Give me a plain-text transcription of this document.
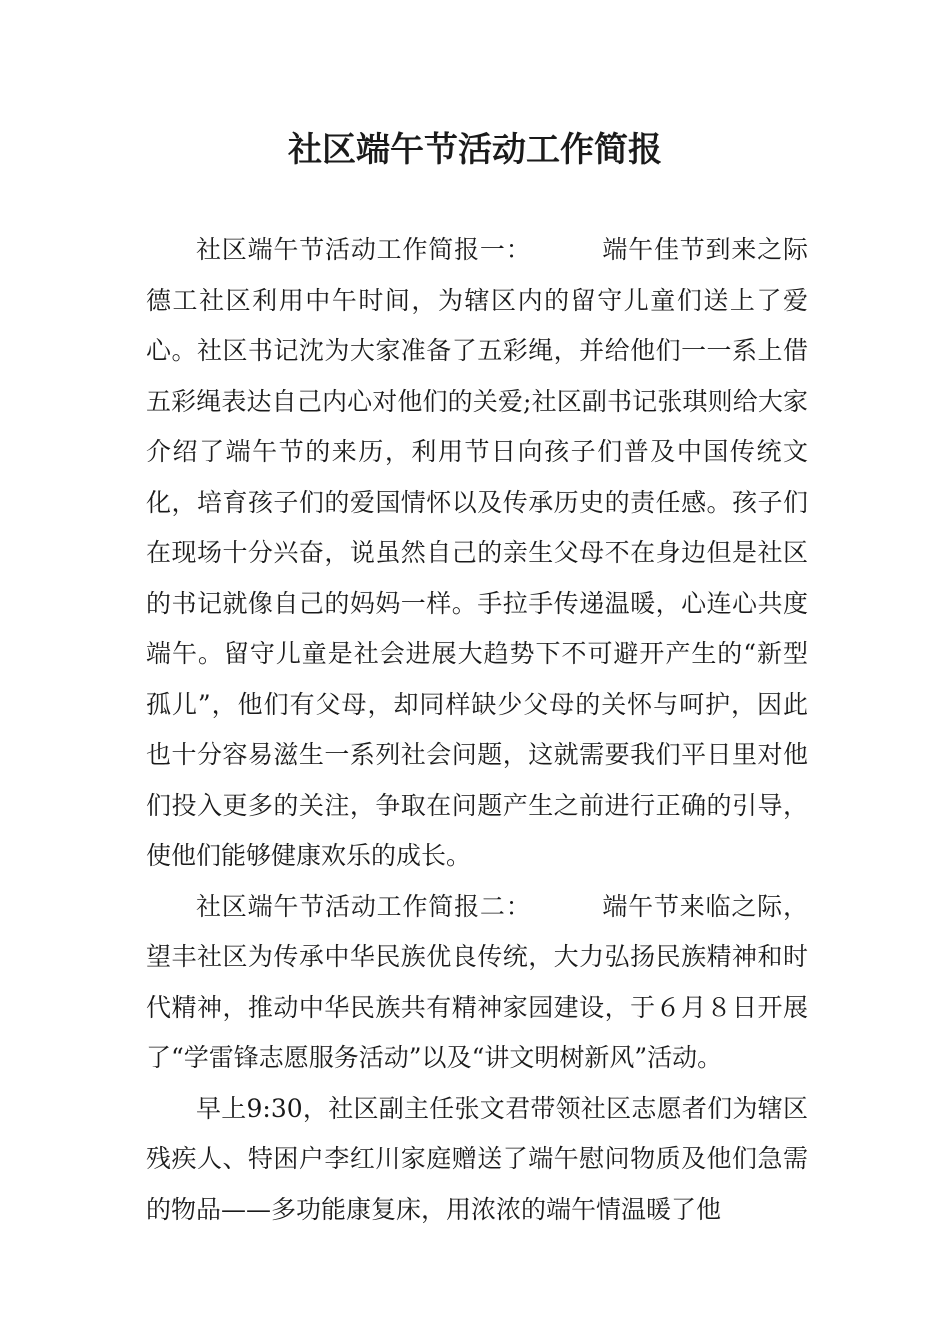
社区端午节活动工作简报

社区端午节活动工作简报一：	端午佳节到来之际德工社区利用中午时间，为辖区内的留守儿童们送上了爱心。社区书记沈为大家准备了五彩绳，并给他们一一系上借五彩绳表达自己内心对他们的关爱;社区副书记张琪则给大家介绍了端午节的来历，利用节日向孩子们普及中国传统文化，培育孩子们的爱国情怀以及传承历史的责任感。孩子们在现场十分兴奋，说虽然自己的亲生父母不在身边但是社区的书记就像自己的妈妈一样。手拉手传递温暖，心连心共度端午。留守儿童是社会进展大趋势下不可避开产生的“新型孤儿”，他们有父母，却同样缺少父母的关怀与呵护，因此也十分容易滋生一系列社会问题，这就需要我们平日里对他们投入更多的关注，争取在问题产生之前进行正确的引导，使他们能够健康欢乐的成长。

社区端午节活动工作简报二：	端午节来临之际，望丰社区为传承中华民族优良传统，大力弘扬民族精神和时代精神，推动中华民族共有精神家园建设，于６月８日开展了“学雷锋志愿服务活动”以及“讲文明树新风”活动。

早上9:30，社区副主任张文君带领社区志愿者们为辖区残疾人、特困户李红川家庭赠送了端午慰问物质及他们急需的物品——多功能康复床，用浓浓的端午情温暖了他
